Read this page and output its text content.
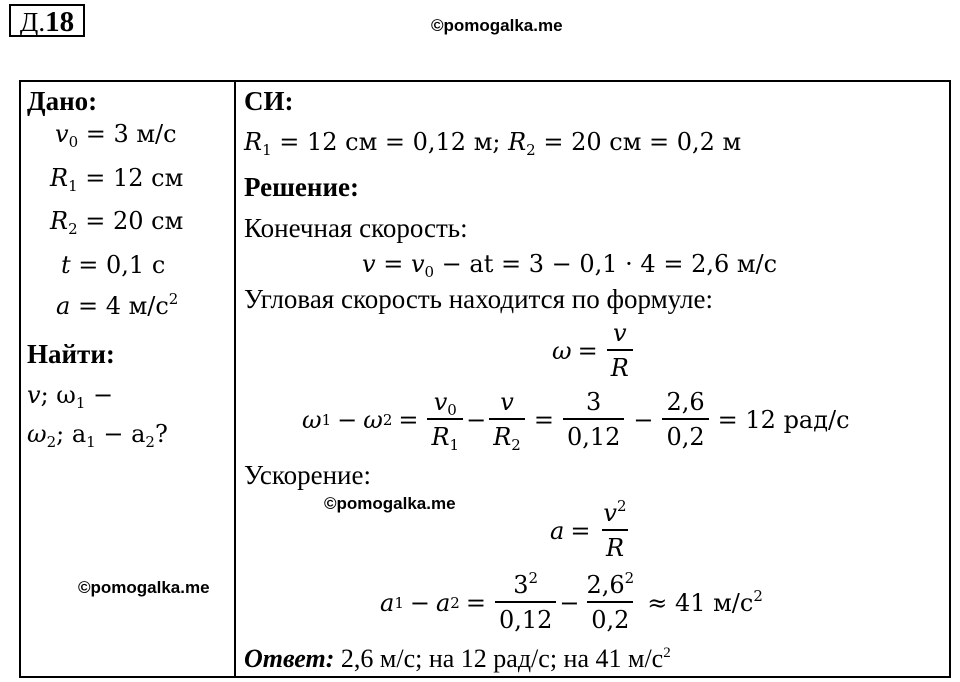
Д.18	©pomogalka.me
Дано:
$v_0 = 3$ м/с
$R_1 = 12$ см
$R_2 = 20$ см
t = 0,1 с
a = 4 $м/с^2$
Найти:
v; $\omega_1$ −
$\omega_2$; $a_1 - a_2$?
©pomogalka.me
СИ:
$R_1 = 12$ см = 0,12 м; $R_2 = 20$ см = 0,2 м
Решение:
Конечная скорость:
$v = v_0$ − at = 3 − 0,1 · 4 = 2,6 м/с
Угловая скорость находится по формуле:
$\omega = \frac{v}{R}$
ω 1 − ω $2 = \frac{v_0}{R_1} - \frac{v}{R_2} = \frac{3}{0,12} - \frac{2,6}{0,2} = 12$ рад/с
Ускорение:
©pomogalka.me
$a = \frac{v^2}{R}$
a 1 − a $2 = \frac{3^2}{0,12} - \frac{2,6^2}{0,2} \approx 41$ $м/с^2$
Ответ: 2,6 м/с; на 12 рад/с; на 41 $м/с^2$
